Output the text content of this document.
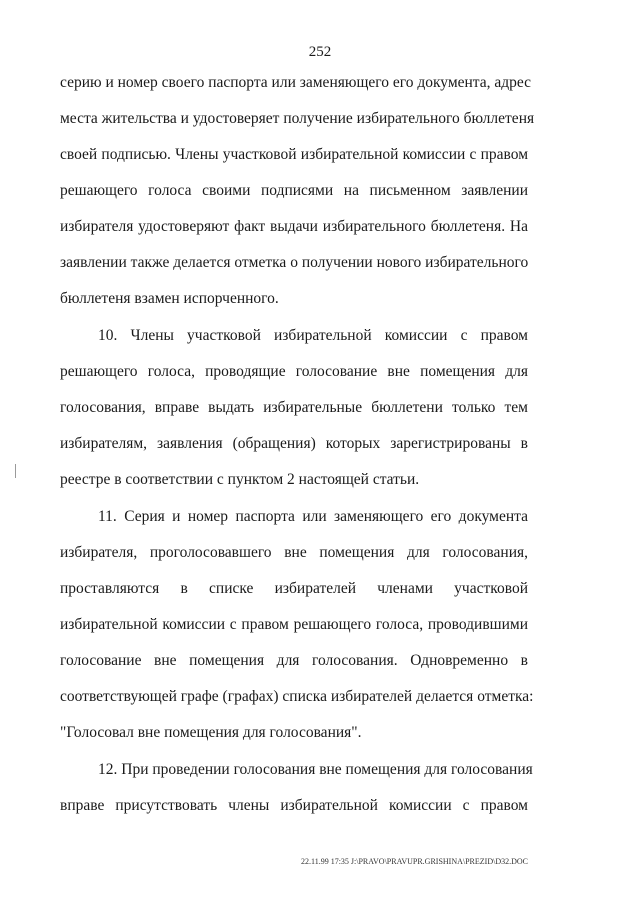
252
серию и номер своего паспорта или заменяющего его документа, адрес
места жительства и удостоверяет получение избирательного бюллетеня
своей подписью. Члены участковой избирательной комиссии с правом
решающего голоса своими подписями на письменном заявлении
избирателя удостоверяют факт выдачи избирательного бюллетеня. На
заявлении также делается отметка о получении нового избирательного
бюллетеня взамен испорченного.
10. Члены участковой избирательной комиссии с правом
решающего голоса, проводящие голосование вне помещения для
голосования, вправе выдать избирательные бюллетени только тем
избирателям, заявления (обращения) которых зарегистрированы в
реестре в соответствии с пунктом 2 настоящей статьи.
11. Серия и номер паспорта или заменяющего его документа
избирателя, проголосовавшего вне помещения для голосования,
проставляются в списке избирателей членами участковой
избирательной комиссии с правом решающего голоса, проводившими
голосование вне помещения для голосования. Одновременно в
соответствующей графе (графах) списка избирателей делается отметка:
"Голосовал вне помещения для голосования".
12. При проведении голосования вне помещения для голосования
вправе присутствовать члены избирательной комиссии с правом
22.11.99 17:35 J:\PRAVO\PRAVUPR.GRISHINA\PREZID\D32.DOC
